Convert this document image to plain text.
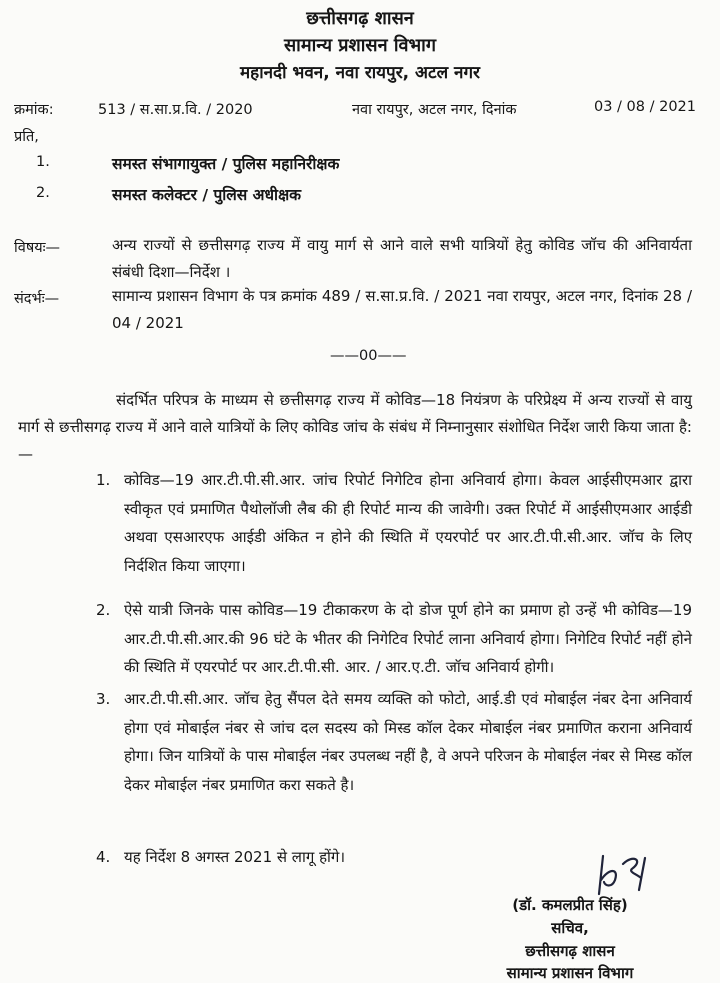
छत्तीसगढ़ शासन
सामान्य प्रशासन विभाग
महानदी भवन, नवा रायपुर, अटल नगर
क्रमांक:	513 / स.सा.प्र.वि. / 2020	नवा रायपुर, अटल नगर, दिनांक	03 / 08 / 2021
प्रति,
1.	समस्त संभागायुक्त / पुलिस महानिरीक्षक
2.	समस्त कलेक्टर / पुलिस अधीक्षक
विषयः—	अन्य राज्यों से छत्तीसगढ़ राज्य में वायु मार्ग से आने वाले सभी यात्रियों हेतु कोविड जॉच की अनिवार्यता संबंधी दिशा—निर्देश ।
संदर्भः—	सामान्य प्रशासन विभाग के पत्र क्रमांक 489 / स.सा.प्र.वि. / 2021 नवा रायपुर, अटल नगर, दिनांक 28 / 04 / 2021
——00——
संदर्भित परिपत्र के माध्यम से छत्तीसगढ़ राज्य में कोविड—18 नियंत्रण के परिप्रेक्ष्य में अन्य राज्यों से वायु मार्ग से छत्तीसगढ़ राज्य में आने वाले यात्रियों के लिए कोविड जांच के संबंध में निम्नानुसार संशोधित निर्देश जारी किया जाता है:—
1. कोविड—19 आर.टी.पी.सी.आर. जांच रिपोर्ट निगेटिव होना अनिवार्य होगा। केवल आईसीएमआर द्वारा स्वीकृत एवं प्रमाणित पैथोलॉजी लैब की ही रिपोर्ट मान्य की जावेगी। उक्त रिपोर्ट में आईसीएमआर आईडी अथवा एसआरएफ आईडी अंकित न होने की स्थिति में एयरपोर्ट पर आर.टी.पी.सी.आर. जॉच के लिए निर्दशित किया जाएगा।
2. ऐसे यात्री जिनके पास कोविड—19 टीकाकरण के दो डोज पूर्ण होने का प्रमाण हो उन्हें भी कोविड—19 आर.टी.पी.सी.आर.की 96 घंटे के भीतर की निगेटिव रिपोर्ट लाना अनिवार्य होगा। निगेटिव रिपोर्ट नहीं होने की स्थिति में एयरपोर्ट पर आर.टी.पी.सी. आर. / आर.ए.टी. जॉच अनिवार्य होगी।
3. आर.टी.पी.सी.आर. जॉच हेतु सैंपल देते समय व्यक्ति को फोटो, आई.डी एवं मोबाईल नंबर देना अनिवार्य होगा एवं मोबाईल नंबर से जांच दल सदस्य को मिस्ड कॉल देकर मोबाईल नंबर प्रमाणित कराना अनिवार्य होगा। जिन यात्रियों के पास मोबाईल नंबर उपलब्ध नहीं है, वे अपने परिजन के मोबाईल नंबर से मिस्ड कॉल देकर मोबाईल नंबर प्रमाणित करा सकते है।
4. यह निर्देश 8 अगस्त 2021 से लागू होंगे।
(डॉ. कमलप्रीत सिंह)
सचिव,
छत्तीसगढ़ शासन
सामान्य प्रशासन विभाग
